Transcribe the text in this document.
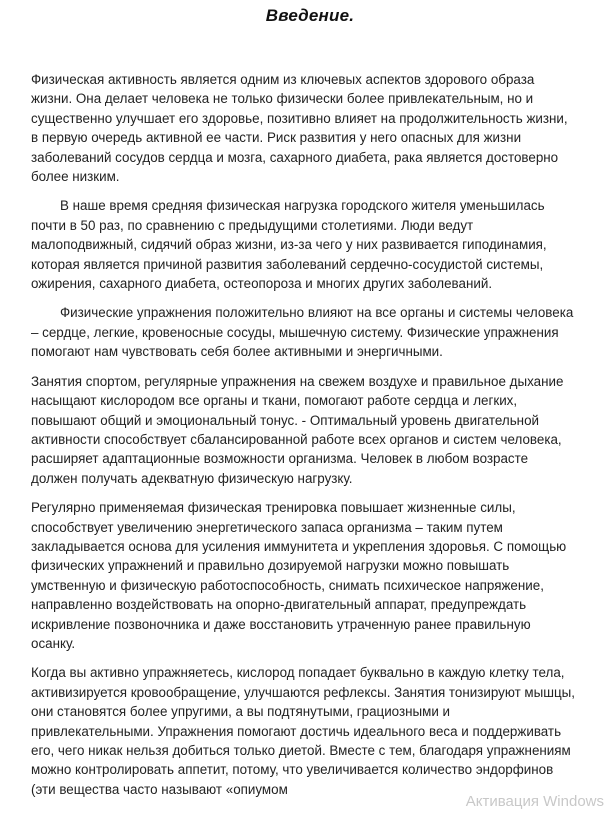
Введение.

Физическая активность является одним из ключевых аспектов здорового образа жизни. Она делает человека не только физически более привлекательным, но и существенно улучшает его здоровье, позитивно влияет на продолжительность жизни, в первую очередь активной ее части. Риск развития у него опасных для жизни заболеваний сосудов сердца и мозга, сахарного диабета, рака является достоверно более низким.

В наше время средняя физическая нагрузка городского жителя уменьшилась почти в 50 раз, по сравнению с предыдущими столетиями. Люди ведут малоподвижный, сидячий образ жизни, из-за чего у них развивается гиподинамия, которая является причиной развития заболеваний сердечно-сосудистой системы, ожирения, сахарного диабета, остеопороза и многих других заболеваний.

Физические упражнения положительно влияют на все органы и системы человека – сердце, легкие, кровеносные сосуды, мышечную систему. Физические упражнения помогают нам чувствовать себя более активными и энергичными.

Занятия спортом, регулярные упражнения на свежем воздухе и правильное дыхание насыщают кислородом все органы и ткани, помогают работе сердца и легких, повышают общий и эмоциональный тонус. - Оптимальный уровень двигательной активности способствует сбалансированной работе всех органов и систем человека, расширяет адаптационные возможности организма. Человек в любом возрасте должен получать адекватную физическую нагрузку.

Регулярно применяемая физическая тренировка повышает жизненные силы, способствует увеличению энергетического запаса организма – таким путем закладывается основа для усиления иммунитета и укрепления здоровья. С помощью физических упражнений и правильно дозируемой нагрузки можно повышать умственную и физическую работоспособность, снимать психическое напряжение, направленно воздействовать на опорно-двигательный аппарат, предупреждать искривление позвоночника и даже восстановить утраченную ранее правильную осанку.

Когда вы активно упражняетесь, кислород попадает буквально в каждую клетку тела, активизируется кровообращение, улучшаются рефлексы. Занятия тонизируют мышцы, они становятся более упругими, а вы подтянутыми, грациозными и привлекательными. Упражнения помогают достичь идеального веса и поддерживать его, чего никак нельзя добиться только диетой. Вместе с тем, благодаря упражнениям можно контролировать аппетит, потому, что увеличивается количество эндорфинов (эти вещества часто называют «опиумом

Активация Windows
